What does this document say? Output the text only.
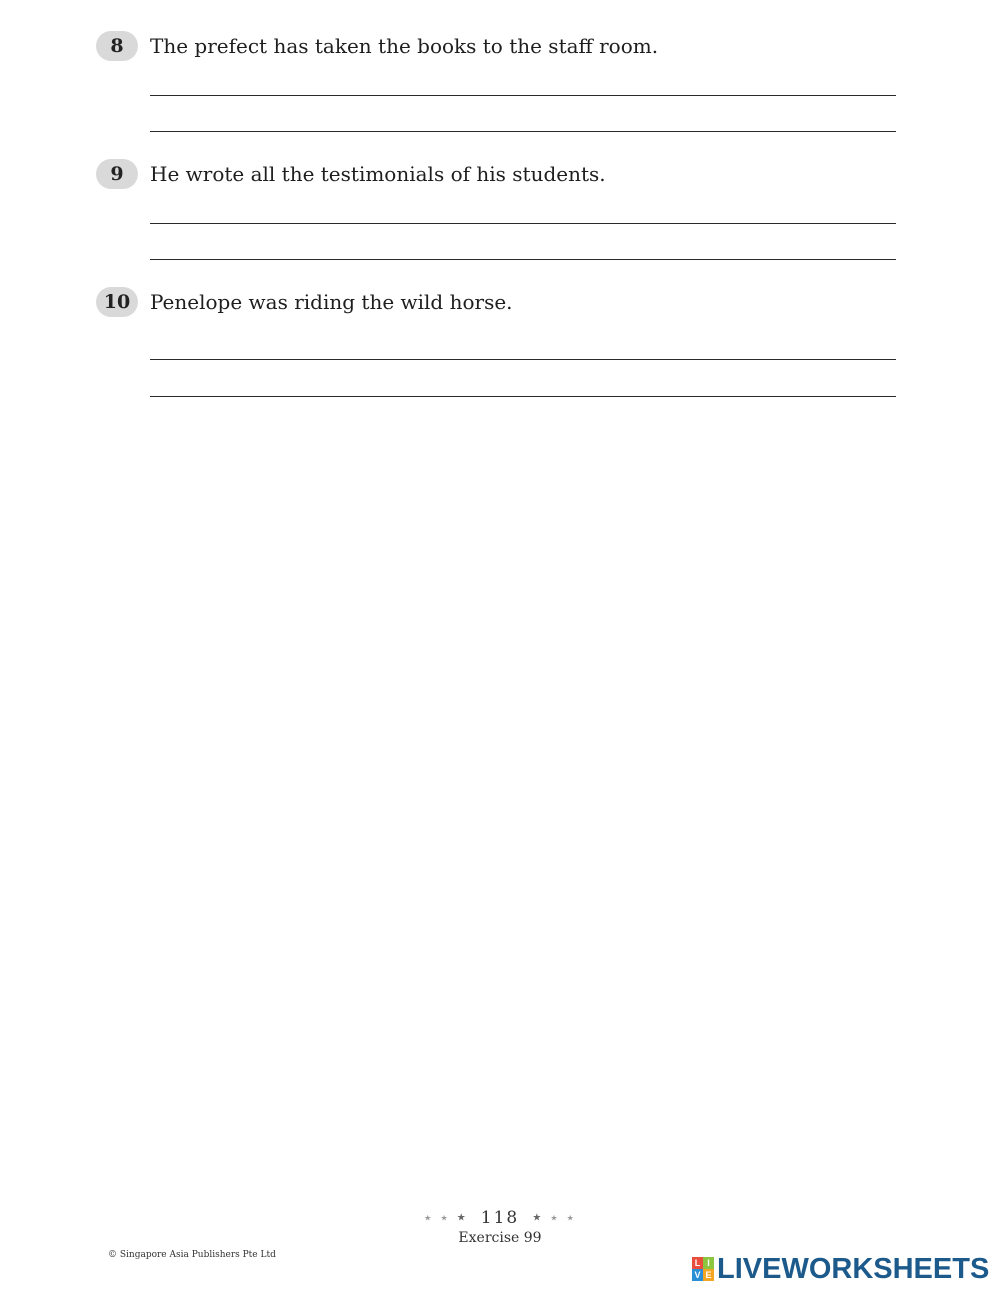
8	The prefect has taken the books to the staff room.
9	He wrote all the testimonials of his students.
10 Penelope was riding the wild horse.
★ ★ ★ 118 ★ ★ ★
Exercise 99
© Singapore Asia Publishers Pte Ltd
L I
V E LIVEWORKSHEETS
